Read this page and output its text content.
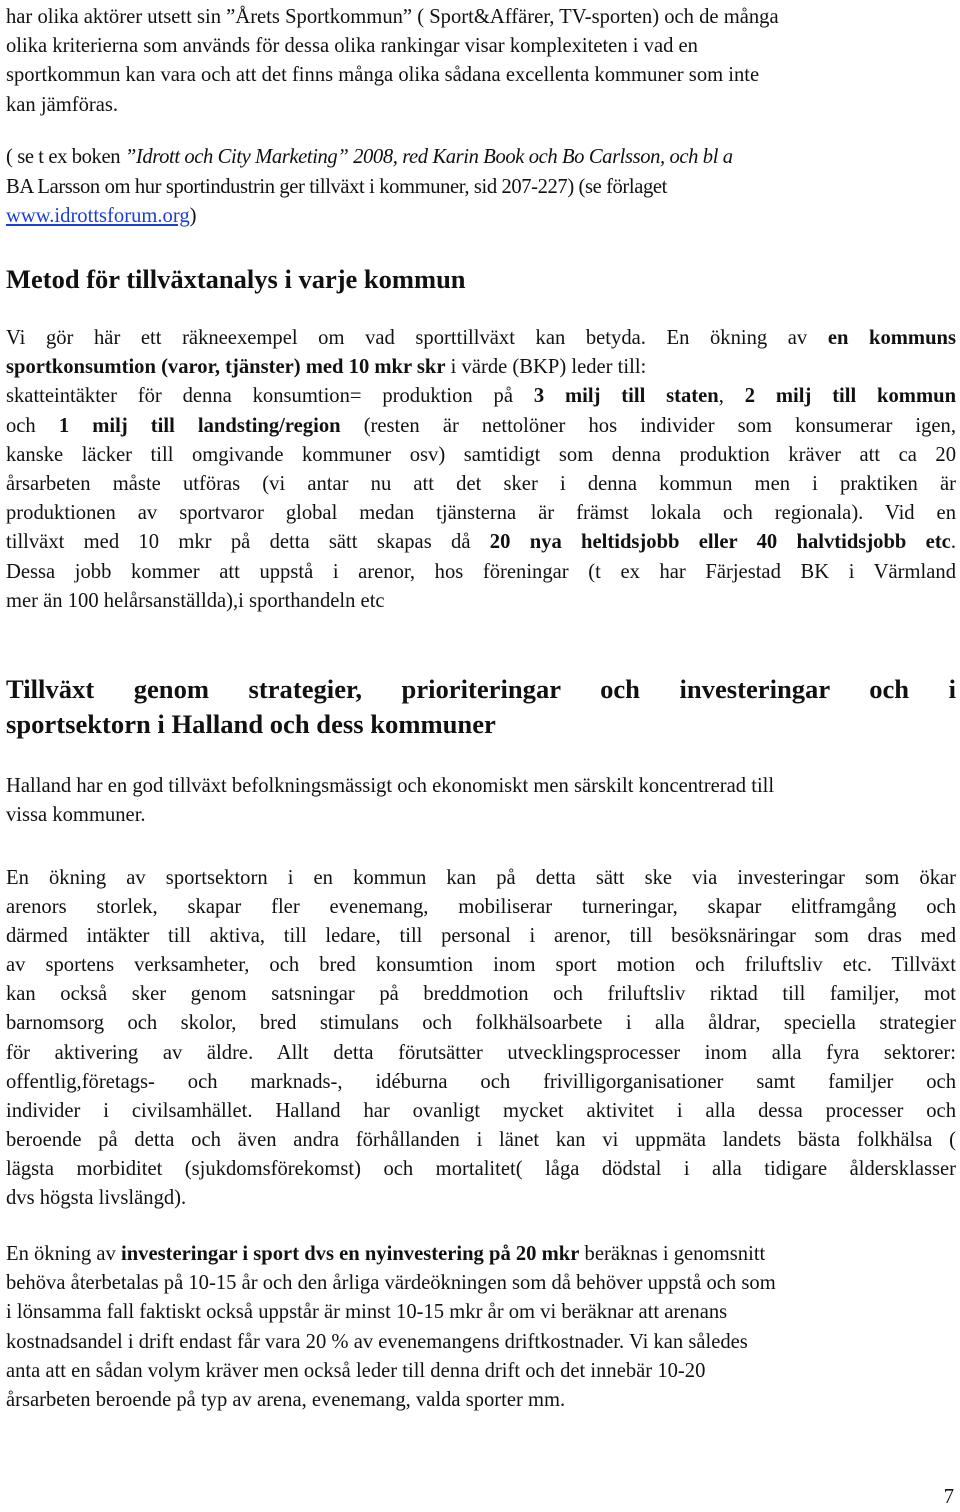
har olika aktörer utsett sin ”Årets Sportkommun” ( Sport&Affärer, TV-sporten) och de många
olika kriterierna som används för dessa olika rankingar visar komplexiteten i vad en
sportkommun kan vara och att det finns många olika sådana excellenta kommuner som inte
kan jämföras.
( se t ex boken ”Idrott och City Marketing” 2008, red Karin Book och Bo Carlsson, och bl a
BA Larsson om hur sportindustrin ger tillväxt i kommuner, sid 207-227) (se förlaget
www.idrottsforum.org)
Metod för tillväxtanalys i varje kommun
Vi gör här ett räkneexempel om vad sporttillväxt kan betyda. En ökning av en kommuns
sportkonsumtion (varor, tjänster) med 10 mkr skr i värde (BKP) leder till:
skatteintäkter för denna konsumtion= produktion på 3 milj till staten, 2 milj till kommun
och 1 milj till landsting/region (resten är nettolöner hos individer som konsumerar igen,
kanske läcker till omgivande kommuner osv) samtidigt som denna produktion kräver att ca 20
årsarbeten måste utföras (vi antar nu att det sker i denna kommun men i praktiken är
produktionen av sportvaror global medan tjänsterna är främst lokala och regionala). Vid en
tillväxt med 10 mkr på detta sätt skapas då 20 nya heltidsjobb eller 40 halvtidsjobb etc.
Dessa jobb kommer att uppstå i arenor, hos föreningar (t ex har Färjestad BK i Värmland
mer än 100 helårsanställda),i sporthandeln etc
Tillväxt genom strategier, prioriteringar och investeringar och i
sportsektorn i Halland och dess kommuner
Halland har en god tillväxt befolkningsmässigt och ekonomiskt men särskilt koncentrerad till
vissa kommuner.
En ökning av sportsektorn i en kommun kan på detta sätt ske via investeringar som ökar
arenors storlek, skapar fler evenemang, mobiliserar turneringar, skapar elitframgång och
därmed intäkter till aktiva, till ledare, till personal i arenor, till besöksnäringar som dras med
av sportens verksamheter, och bred konsumtion inom sport motion och friluftsliv etc. Tillväxt
kan också sker genom satsningar på breddmotion och friluftsliv riktad till familjer, mot
barnomsorg och skolor, bred stimulans och folkhälsoarbete i alla åldrar, speciella strategier
för aktivering av äldre. Allt detta förutsätter utvecklingsprocesser inom alla fyra sektorer:
offentlig,företags- och marknads-, idéburna och frivilligorganisationer samt familjer och
individer i civilsamhället. Halland har ovanligt mycket aktivitet i alla dessa processer och
beroende på detta och även andra förhållanden i länet kan vi uppmäta landets bästa folkhälsa (
lägsta morbiditet (sjukdomsförekomst) och mortalitet( låga dödstal i alla tidigare åldersklasser
dvs högsta livslängd).
En ökning av investeringar i sport dvs en nyinvestering på 20 mkr beräknas i genomsnitt
behöva återbetalas på 10-15 år och den årliga värdeökningen som då behöver uppstå och som
i lönsamma fall faktiskt också uppstår är minst 10-15 mkr år om vi beräknar att arenans
kostnadsandel i drift endast får vara 20 % av evenemangens driftkostnader. Vi kan således
anta att en sådan volym kräver men också leder till denna drift och det innebär 10-20
årsarbeten beroende på typ av arena, evenemang, valda sporter mm.
7
